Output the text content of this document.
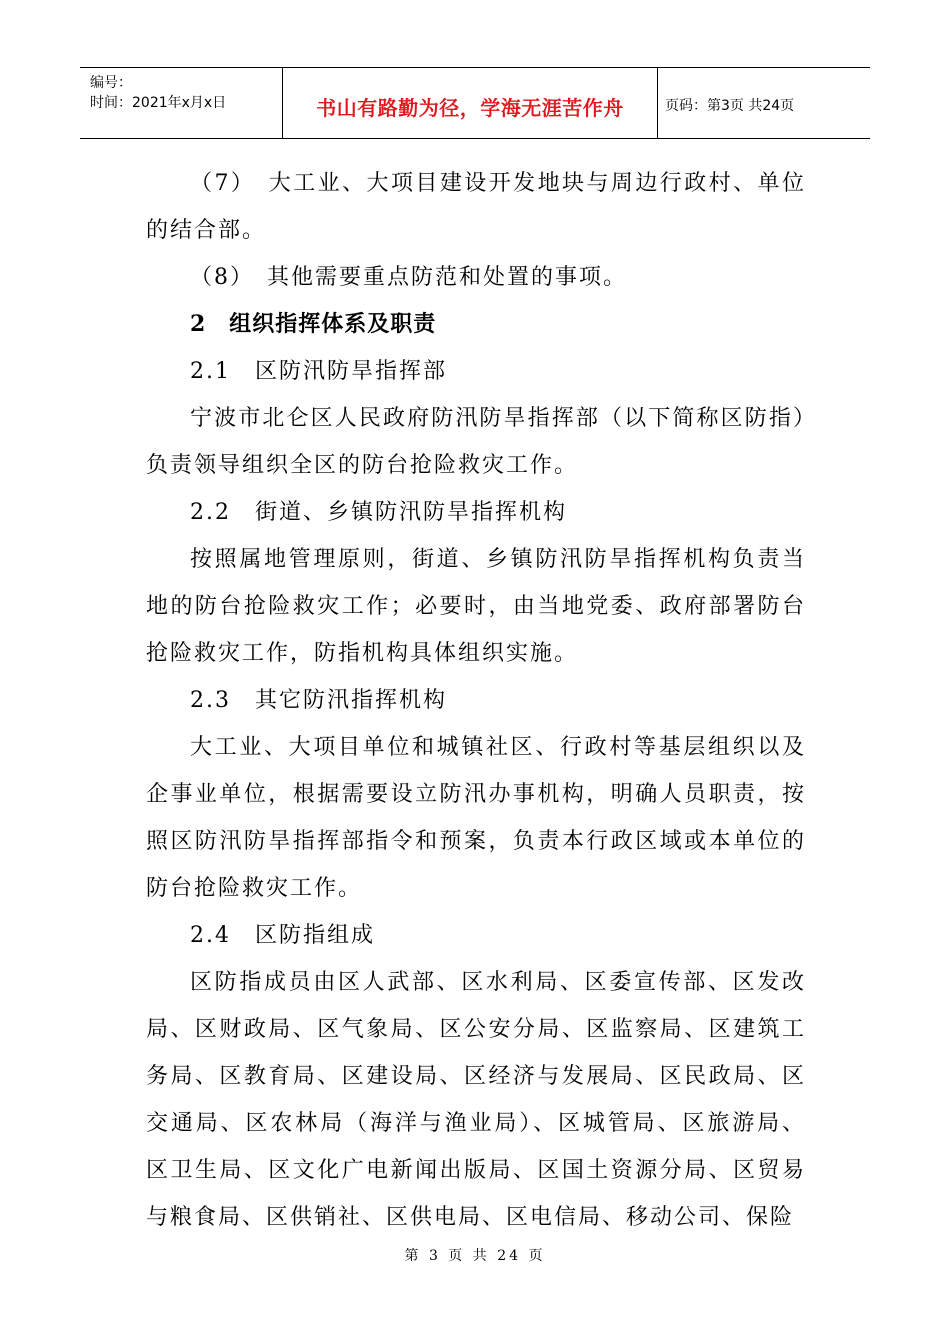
编号：
时间：2021年x月x日	书山有路勤为径，学海无涯苦作舟	页码：第3页 共24页

（7）　大工业、大项目建设开发地块与周边行政村、单位的结合部。

（8）　其他需要重点防范和处置的事项。

2　组织指挥体系及职责

2.1　区防汛防旱指挥部

宁波市北仑区人民政府防汛防旱指挥部（以下简称区防指）负责领导组织全区的防台抢险救灾工作。

2.2　街道、乡镇防汛防旱指挥机构

按照属地管理原则，街道、乡镇防汛防旱指挥机构负责当地的防台抢险救灾工作；必要时，由当地党委、政府部署防台抢险救灾工作，防指机构具体组织实施。

2.3　其它防汛指挥机构

大工业、大项目单位和城镇社区、行政村等基层组织以及企事业单位，根据需要设立防汛办事机构，明确人员职责，按照区防汛防旱指挥部指令和预案，负责本行政区域或本单位的防台抢险救灾工作。

2.4　区防指组成

区防指成员由区人武部、区水利局、区委宣传部、区发改局、区财政局、区气象局、区公安分局、区监察局、区建筑工务局、区教育局、区建设局、区经济与发展局、区民政局、区交通局、区农林局（海洋与渔业局）、区城管局、区旅游局、区卫生局、区文化广电新闻出版局、区国土资源分局、区贸易与粮食局、区供销社、区供电局、区电信局、移动公司、保险

第 3 页 共 24 页
